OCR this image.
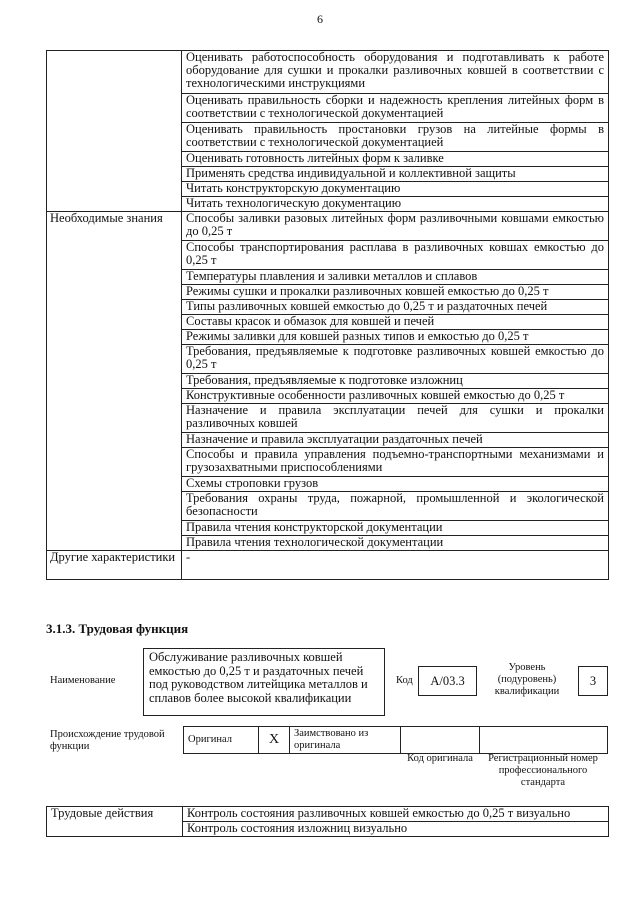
6
	Оценивать работоспособность оборудования и подготавливать к работе оборудование для сушки и прокалки разливочных ковшей в соответствии с технологическими инструкциями
	Оценивать правильность сборки и надежность крепления литейных форм в соответствии с технологической документацией
	Оценивать правильность простановки грузов на литейные формы в соответствии с технологической документацией
	Оценивать готовность литейных форм к заливке
	Применять средства индивидуальной и коллективной защиты
	Читать конструкторскую документацию
	Читать технологическую документацию
Необходимые знания	Способы заливки разовых литейных форм разливочными ковшами емкостью до 0,25 т
	Способы транспортирования расплава в разливочных ковшах емкостью до 0,25 т
	Температуры плавления и заливки металлов и сплавов
	Режимы сушки и прокалки разливочных ковшей емкостью до 0,25 т
	Типы разливочных ковшей емкостью до 0,25 т и раздаточных печей
	Составы красок и обмазок для ковшей и печей
	Режимы заливки для ковшей разных типов и емкостью до 0,25 т
	Требования, предъявляемые к подготовке разливочных ковшей емкостью до 0,25 т
	Требования, предъявляемые к подготовке изложниц
	Конструктивные особенности разливочных ковшей емкостью до 0,25 т
	Назначение и правила эксплуатации печей для сушки и прокалки разливочных ковшей
	Назначение и правила эксплуатации раздаточных печей
	Способы и правила управления подъемно-транспортными механизмами и грузозахватными приспособлениями
	Схемы строповки грузов
	Требования охраны труда, пожарной, промышленной и экологической безопасности
	Правила чтения конструкторской документации
	Правила чтения технологической документации
Другие характеристики	-
3.1.3. Трудовая функция
Наименование
Обслуживание разливочных ковшей емкостью до 0,25 т и раздаточных печей под руководством литейщика металлов и сплавов более высокой квалификации
Код	A/03.3
Уровень (подуровень) квалификации
3
Происхождение трудовой функции
Оригинал	X	Заимствовано из оригинала		
Код оригинала	Регистрационный номер профессионального стандарта
Трудовые действия	Контроль состояния разливочных ковшей емкостью до 0,25 т визуально
Контроль состояния изложниц визуально
